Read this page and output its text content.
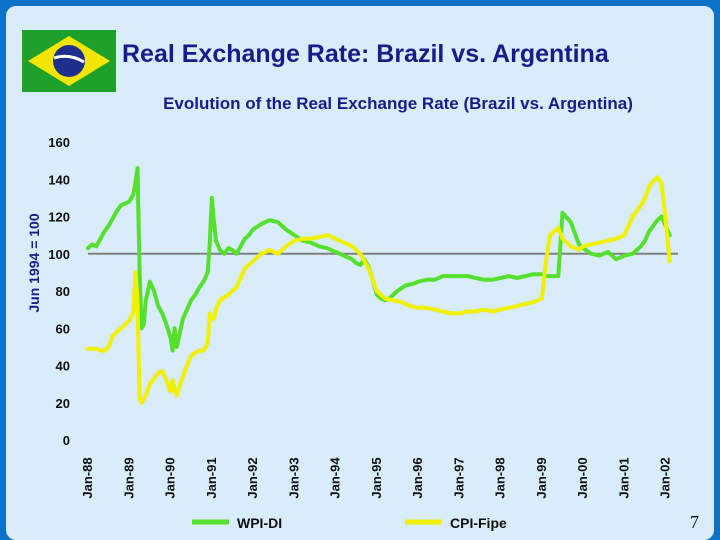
Real Exchange Rate: Brazil vs. Argentina
Evolution of the Real Exchange Rate (Brazil vs. Argentina)
Jun 1994 = 100
7
0
20
40
60
80
100
120
140
160
Jan-88 Jan-89 Jan-90 Jan-91 Jan-92 Jan-93 Jan-94 Jan-95 Jan-96 Jan-97 Jan-98 Jan-99 Jan-00 Jan-01 Jan-02
WPI-DI	CPI-Fipe
